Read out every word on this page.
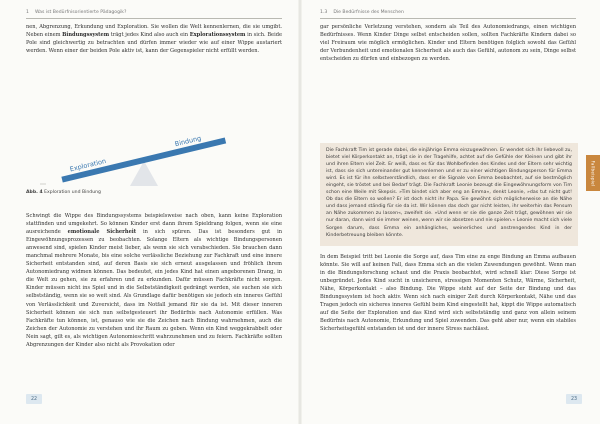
1 Was ist Bedürfnisorientierte Pädagogik?

nen, Abgrenzung, Erkundung und Exploration. Sie wollen die Welt kennenlernen, die sie umgibt. Neben einem Bindungssystem trägt jedes Kind also auch ein Explorationssystem in sich. Beide Pole sind gleichwertig zu betrachten und dürfen immer wieder wie auf einer Wippe austariert werden. Wenn einer der beiden Pole aktiv ist, kann der Gegenspieler nicht erfüllt werden.

Exploration
Bindung
Abb. 4 Exploration und Bindung

Schwingt die Wippe des Bindungssystems beispielsweise nach oben, kann keine Exploration stattfinden und umgekehrt. So können Kinder erst dann ihrem Spieldrang folgen, wenn sie eine ausreichende emotionale Sicherheit in sich spüren. Das ist besonders gut in Eingewöhnungsprozessen zu beobachten. Solange Eltern als wichtige Bindungspersonen anwesend sind, spielen Kinder meist lieber, als wenn sie sich verabschieden. Sie brauchen dann manchmal mehrere Monate, bis eine solche verlässliche Beziehung zur Fachkraft und eine innere Sicherheit entstanden sind, auf deren Basis sie sich erneut ausgelassen und fröhlich ihrem Autonomiedrang widmen können. Das bedeutet, ein jedes Kind hat einen angeborenen Drang, in die Welt zu gehen, sie zu erfahren und zu erkunden. Dafür müssen Fachkräfte nicht sorgen. Kinder müssen nicht ins Spiel und in die Selbstständigkeit gedrängt werden, sie suchen sie sich selbstständig, wenn sie so weit sind. Als Grundlage dafür benötigen sie jedoch ein inneres Gefühl von Verlässlichkeit und Zuversicht, dass im Notfall jemand für sie da ist. Mit dieser inneren Sicherheit können sie sich nun selbstgesteuert ihr Bedürfnis nach Autonomie erfüllen. Was Fachkräfte tun können, ist, genauso wie sie die Zeichen nach Bindung wahrnehmen, auch die Zeichen der Autonomie zu verstehen und ihr Raum zu geben. Wenn ein Kind weggekrabbelt oder Nein sagt, gilt es, als wichtigen Autonomieschritt wahrzunehmen und zu feiern. Fachkräfte sollten Abgrenzungen der Kinder also nicht als Provokation oder

22
1.3 Die Bedürfnisse des Menschen

gar persönliche Verletzung verstehen, sondern als Teil des Autonomiedrangs, einen wichtigen Bedürfnisses. Wenn Kinder Dinge selbst entscheiden sollen, sollten Fachkräfte Kindern dabei so viel Freiraum wie möglich ermöglichen. Kinder und Eltern benötigen folglich sowohl das Gefühl der Verbundenheit und emotionalen Sicherheit als auch das Gefühl, autonom zu sein, Dinge selbst entscheiden zu dürfen und einbezogen zu werden.

Die Fachkraft Tim ist gerade dabei, die einjährige Emma einzugewöhnen. Er wendet sich ihr liebevoll zu, bietet viel Körperkontakt an, trägt sie in der Tragehilfe, achtet auf die Gefühle der Kleinen und gibt ihr und ihren Eltern viel Zeit. Er weiß, dass es für das Wohlbefinden des Kindes und der Eltern sehr wichtig ist, dass sie sich untereinander gut kennenlernen und er zu einer wichtigen Bindungsperson für Emma wird. Es ist für ihn selbstverständlich, dass er die Signale von Emma beobachtet, auf sie bestmöglich eingeht, sie tröstet und bei Bedarf trägt. Die Fachkraft Leonie bezeugt die Eingewöhnungsform von Tim schon eine Weile mit Skepsis. »Tim bindet sich aber eng an Emma«, denkt Leonie, »das tut nicht gut! Ob das die Eltern so wollen? Er ist doch nicht ihr Papa. Sie gewöhnt sich möglicherweise an die Nähe und dass jemand ständig für sie da ist. Wir können das doch gar nicht leisten, ihr weiterhin das Pensum an Nähe zukommen zu lassen«, zweifelt sie. »Und wenn er sie die ganze Zeit trägt, gewöhnen wir sie nur daran, dann wird sie immer weinen, wenn wir sie absetzen und nie spielen.« Leonie macht sich viele Sorgen darum, dass Emma ein anhängliches, weinerliches und anstrengendes Kind in der Kinderbetreuung bleiben könnte.
Fallbeispiel

In dem Beispiel tritt bei Leonie die Sorge auf, dass Tim eine zu enge Bindung an Emma aufbauen könnte. Sie will auf keinen Fall, dass Emma sich an die vielen Zuwendungen gewöhnt. Wenn man in die Bindungsforschung schaut und die Praxis beobachtet, wird schnell klar: Diese Sorge ist unbegründet. Jedes Kind sucht in unsicheren, stressigen Momenten Schutz, Wärme, Sicherheit, Nähe, Körperkontakt – also Bindung. Die Wippe steht auf der Seite der Bindung und das Bindungssystem ist hoch aktiv. Wenn sich nach einiger Zeit durch Körperkontakt, Nähe und das Tragen jedoch ein sicheres inneres Gefühl beim Kind eingestellt hat, kippt die Wippe automatisch auf die Seite der Exploration und das Kind wird sich selbstständig und ganz von allein seinem Bedürfnis nach Autonomie, Erkundung und Spiel zuwenden. Das geht aber nur, wenn ein stabiles Sicherheitsgefühl entstanden ist und der innere Stress nachlässt.

23
